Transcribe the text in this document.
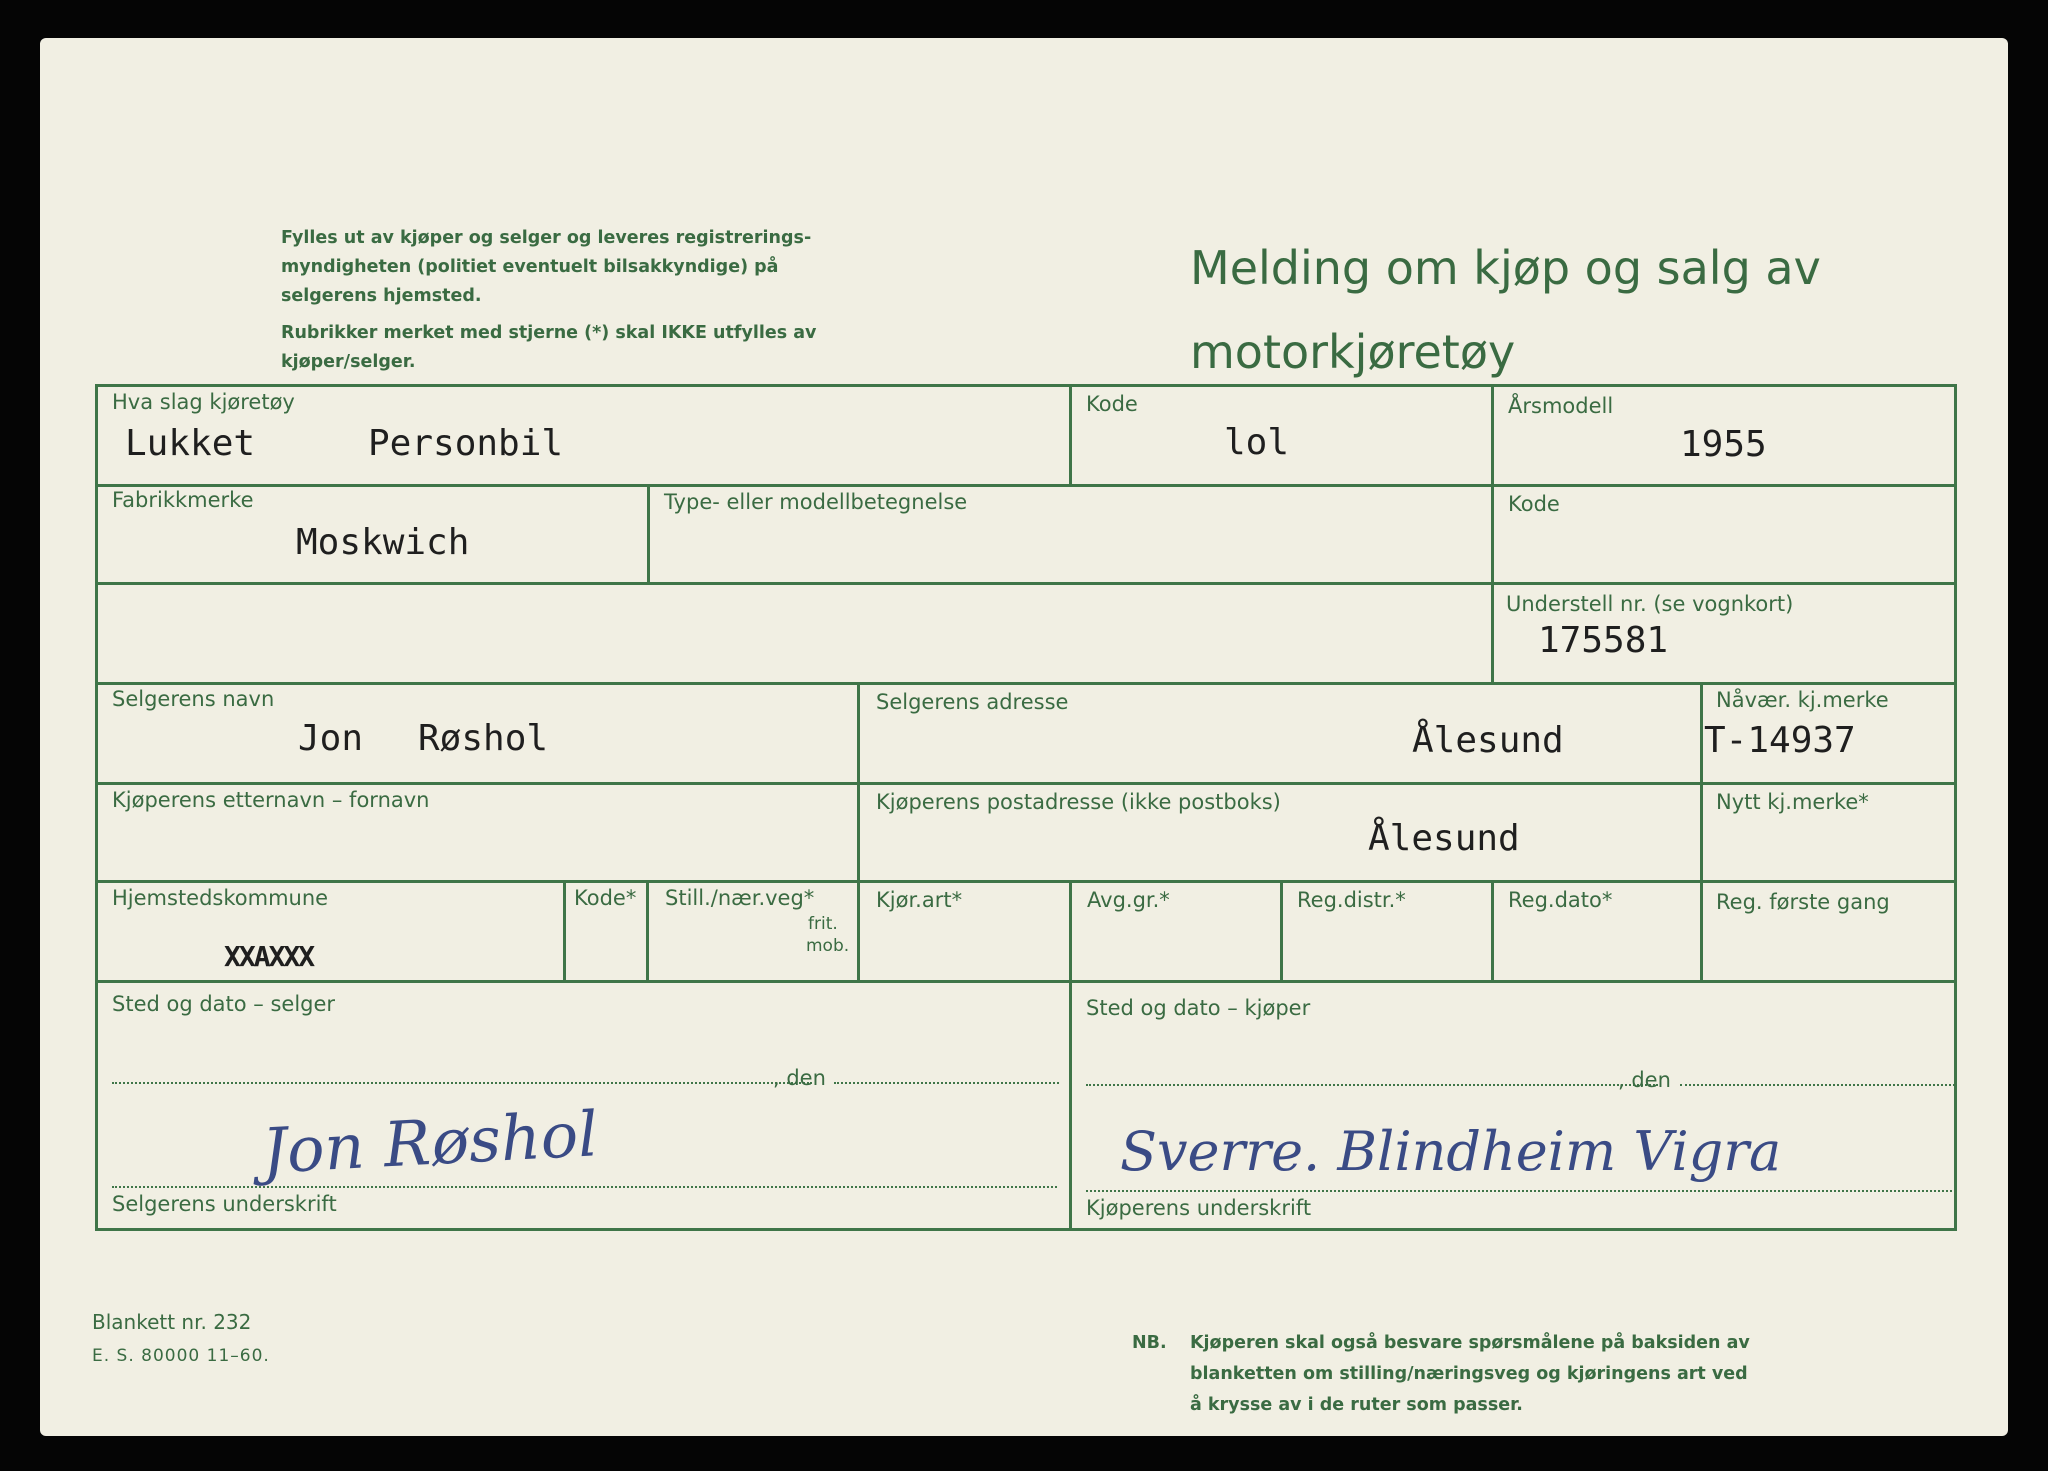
Fylles ut av kjøper og selger og leveres registrerings-myndigheten (politiet eventuelt bilsakkyndige) på selgerens hjemsted.

Rubrikker merket med stjerne (*) skal IKKE utfylles av kjøper/selger.

Melding om kjøp og salg av
motorkjøretøy
Hva slag kjøretøy
Lukket	Personbil
Kode
lol
Årsmodell
1955
Fabrikkmerke
Moskwich
Type- eller modellbetegnelse	Kode
Understell nr. (se vognkort)
175581
Selgerens navn
Jon Røshol
Selgerens adresse
Ålesund
Nåvær. kj.merke
T-14937
Kjøperens etternavn – fornavn	Kjøperens postadresse (ikke postboks)
Ålesund
Nytt kj.merke*
Hjemstedskommune
XXAXXX
Kode* Still./nær.veg*
frit.
mob.
Kjør.art*	Avg.gr.*	Reg.distr.*	Reg.dato*	Reg. første gang
Sted og dato – selger
, den
Selgerens underskrift
Jon Røshol
Sted og dato – kjøper
, den
Kjøperens underskrift
Sverre. Blindheim Vigra
Blankett nr. 232
E. S. 80000 11–60.
NB. Kjøperen skal også besvare spørsmålene på baksiden av
blanketten om stilling/næringsveg og kjøringens art ved
å krysse av i de ruter som passer.
